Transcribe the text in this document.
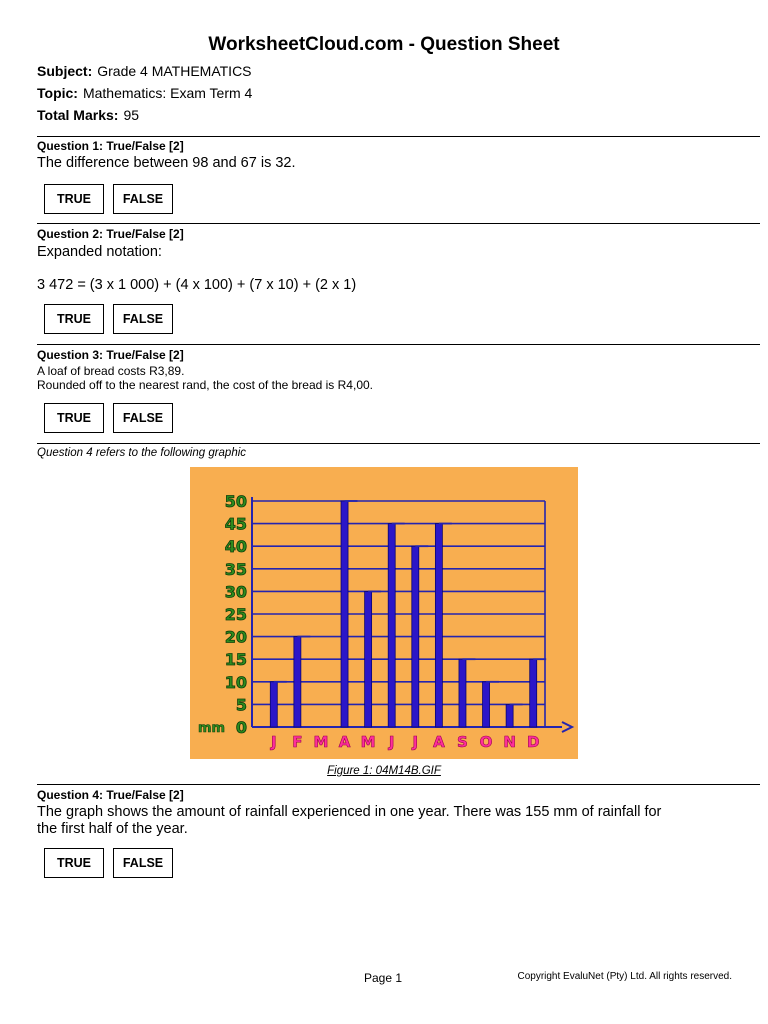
WorksheetCloud.com - Question Sheet
Subject: Grade 4 MATHEMATICS
Topic: Mathematics: Exam Term 4
Total Marks: 95
Question 1: True/False [2]
The difference between 98 and 67 is 32.
TRUE	FALSE
Question 2: True/False [2]
Expanded notation:
3 472 = (3 x 1 000) + (4 x 100) + (7 x 10) + (2 x 1)
TRUE	FALSE
Question 3: True/False [2]
A loaf of bread costs R3,89.
Rounded off to the nearest rand, the cost of the bread is R4,00.
TRUE	FALSE
Question 4 refers to the following graphic
0
5
10
15
20
25
30
35
40
45
50
mm
J F M A M J J A S O N D
Figure 1: 04M14B.GIF
Question 4: True/False [2]
The graph shows the amount of rainfall experienced in one year. There was 155 mm of rainfall for
the first half of the year.
TRUE	FALSE
Page 1	Copyright EvaluNet (Pty) Ltd. All rights reserved.
